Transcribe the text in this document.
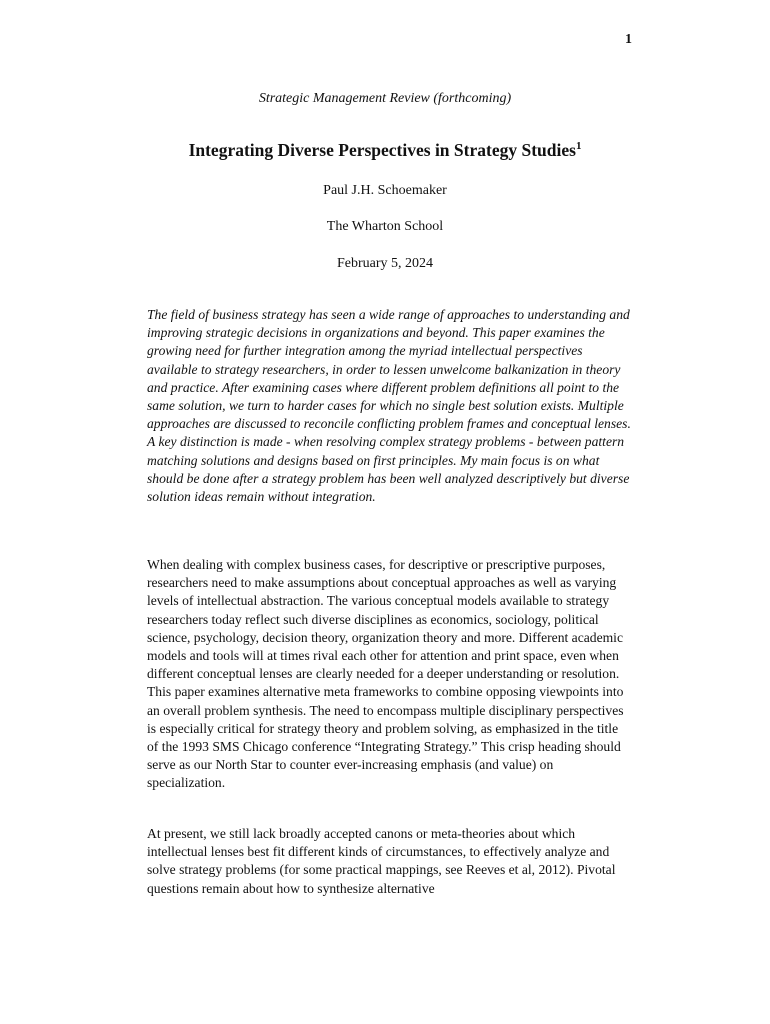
1
Strategic Management Review (forthcoming)
Integrating Diverse Perspectives in Strategy Studies$^1$
Paul J.H. Schoemaker
The Wharton School
February 5, 2024

The field of business strategy has seen a wide range of approaches to understanding and improving strategic decisions in organizations and beyond. This paper examines the growing need for further integration among the myriad intellectual perspectives available to strategy researchers, in order to lessen unwelcome balkanization in theory and practice. After examining cases where different problem definitions all point to the same solution, we turn to harder cases for which no single best solution exists. Multiple approaches are discussed to reconcile conflicting problem frames and conceptual lenses. A key distinction is made - when resolving complex strategy problems - between pattern matching solutions and designs based on first principles. My main focus is on what should be done after a strategy problem has been well analyzed descriptively but diverse solution ideas remain without integration.

When dealing with complex business cases, for descriptive or prescriptive purposes, researchers need to make assumptions about conceptual approaches as well as varying levels of intellectual abstraction. The various conceptual models available to strategy researchers today reflect such diverse disciplines as economics, sociology, political science, psychology, decision theory, organization theory and more. Different academic models and tools will at times rival each other for attention and print space, even when different conceptual lenses are clearly needed for a deeper understanding or resolution. This paper examines alternative meta frameworks to combine opposing viewpoints into an overall problem synthesis. The need to encompass multiple disciplinary perspectives is especially critical for strategy theory and problem solving, as emphasized in the title of the 1993 SMS Chicago conference “Integrating Strategy.” This crisp heading should serve as our North Star to counter ever-increasing emphasis (and value) on specialization.

At present, we still lack broadly accepted canons or meta-theories about which intellectual lenses best fit different kinds of circumstances, to effectively analyze and solve strategy problems (for some practical mappings, see Reeves et al, 2012). Pivotal questions remain about how to synthesize alternative
